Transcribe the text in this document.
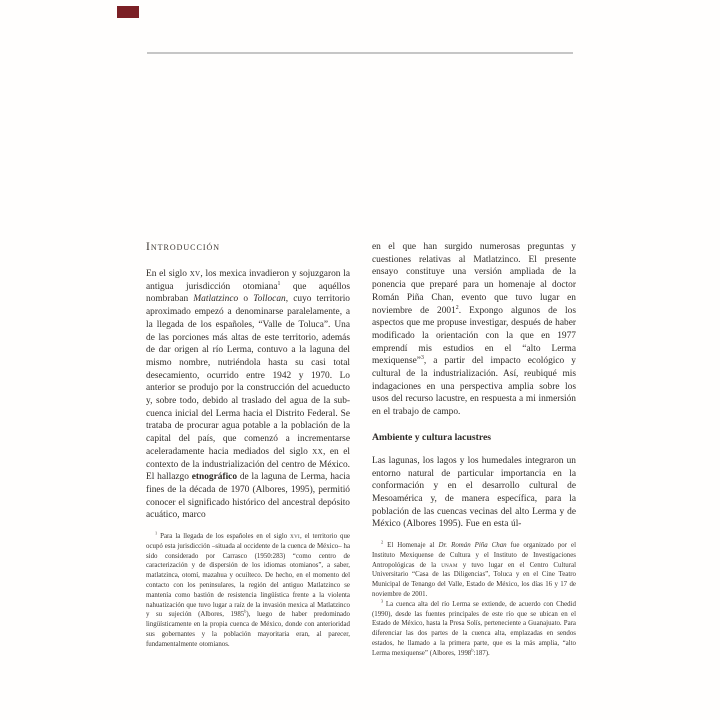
Introducción

En el siglo xv, los mexica invadieron y sojuzgaron la antigua jurisdicción otomiana$^1$ que aquéllos nombraban Matlatzinco o Tollocan, cuyo territorio aproximado empezó a denominarse paralelamente, a la llegada de los españoles, “Valle de Toluca”. Una de las porciones más altas de este territorio, además de dar origen al río Lerma, contuvo a la laguna del mismo nombre, nutriéndola hasta su casi total desecamiento, ocurrido entre 1942 y 1970. Lo anterior se produjo por la construcción del acueducto y, sobre todo, debido al traslado del agua de la sub-cuenca inicial del Lerma hacia el Distrito Federal. Se trataba de procurar agua potable a la población de la capital del país, que comenzó a incrementarse aceleradamente hacia mediados del siglo xx, en el contexto de la industrialización del centro de México. El hallazgo etnográfico de la laguna de Lerma, hacia fines de la década de 1970 (Albores, 1995), permitió conocer el significado histórico del ancestral depósito acuático, marco

$^1$ Para la llegada de los españoles en el siglo xvi, el territorio que ocupó esta jurisdicción –situada al occidente de la cuenca de México– ha sido considerado por Carrasco (1950:283) “como centro de caracterización y de dispersión de los idiomas otomianos”, a saber, matlatzinca, otomí, mazahua y ocuilteco. De hecho, en el momento del contacto con los peninsulares, la región del antiguo Matlatzinco se mantenía como bastión de resistencia lingüística frente a la violenta nahuatización que tuvo lugar a raíz de la invasión mexica al Matlatzinco y su sujeción (Albores, 1985$^b$), luego de haber predominado lingüísticamente en la propia cuenca de México, donde con anterioridad sus gobernantes y la población mayoritaria eran, al parecer, fundamentalmente otomianos.

en el que han surgido numerosas preguntas y cuestiones relativas al Matlatzinco. El presente ensayo constituye una versión ampliada de la ponencia que preparé para un homenaje al doctor Román Piña Chan, evento que tuvo lugar en noviembre de 2001$^2$. Expongo algunos de los aspectos que me propuse investigar, después de haber modificado la orientación con la que en 1977 emprendí mis estudios en el “alto Lerma mexiquense”$^3$, a partir del impacto ecológico y cultural de la industrialización. Así, reubiqué mis indagaciones en una perspectiva amplia sobre los usos del recurso lacustre, en respuesta a mi inmersión en el trabajo de campo.

Ambiente y cultura lacustres

Las lagunas, los lagos y los humedales integraron un entorno natural de particular importancia en la conformación y en el desarrollo cultural de Mesoamérica y, de manera específica, para la población de las cuencas vecinas del alto Lerma y de México (Albores 1995). Fue en esta úl-

$^2$ El Homenaje al Dr. Román Piña Chan fue organizado por el Instituto Mexiquense de Cultura y el Instituto de Investigaciones Antropológicas de la unam y tuvo lugar en el Centro Cultural Universitario “Casa de las Diligencias”, Toluca y en el Cine Teatro Municipal de Tenango del Valle, Estado de México, los días 16 y 17 de noviembre de 2001.

$^3$ La cuenca alta del río Lerma se extiende, de acuerdo con Chedid (1990), desde las fuentes principales de este río que se ubican en el Estado de México, hasta la Presa Solís, perteneciente a Guanajuato. Para diferenciar las dos partes de la cuenca alta, emplazadas en sendos estados, he llamado a la primera parte, que es la más amplia, “alto Lerma mexiquense” (Albores, 1998$^b$:187).
